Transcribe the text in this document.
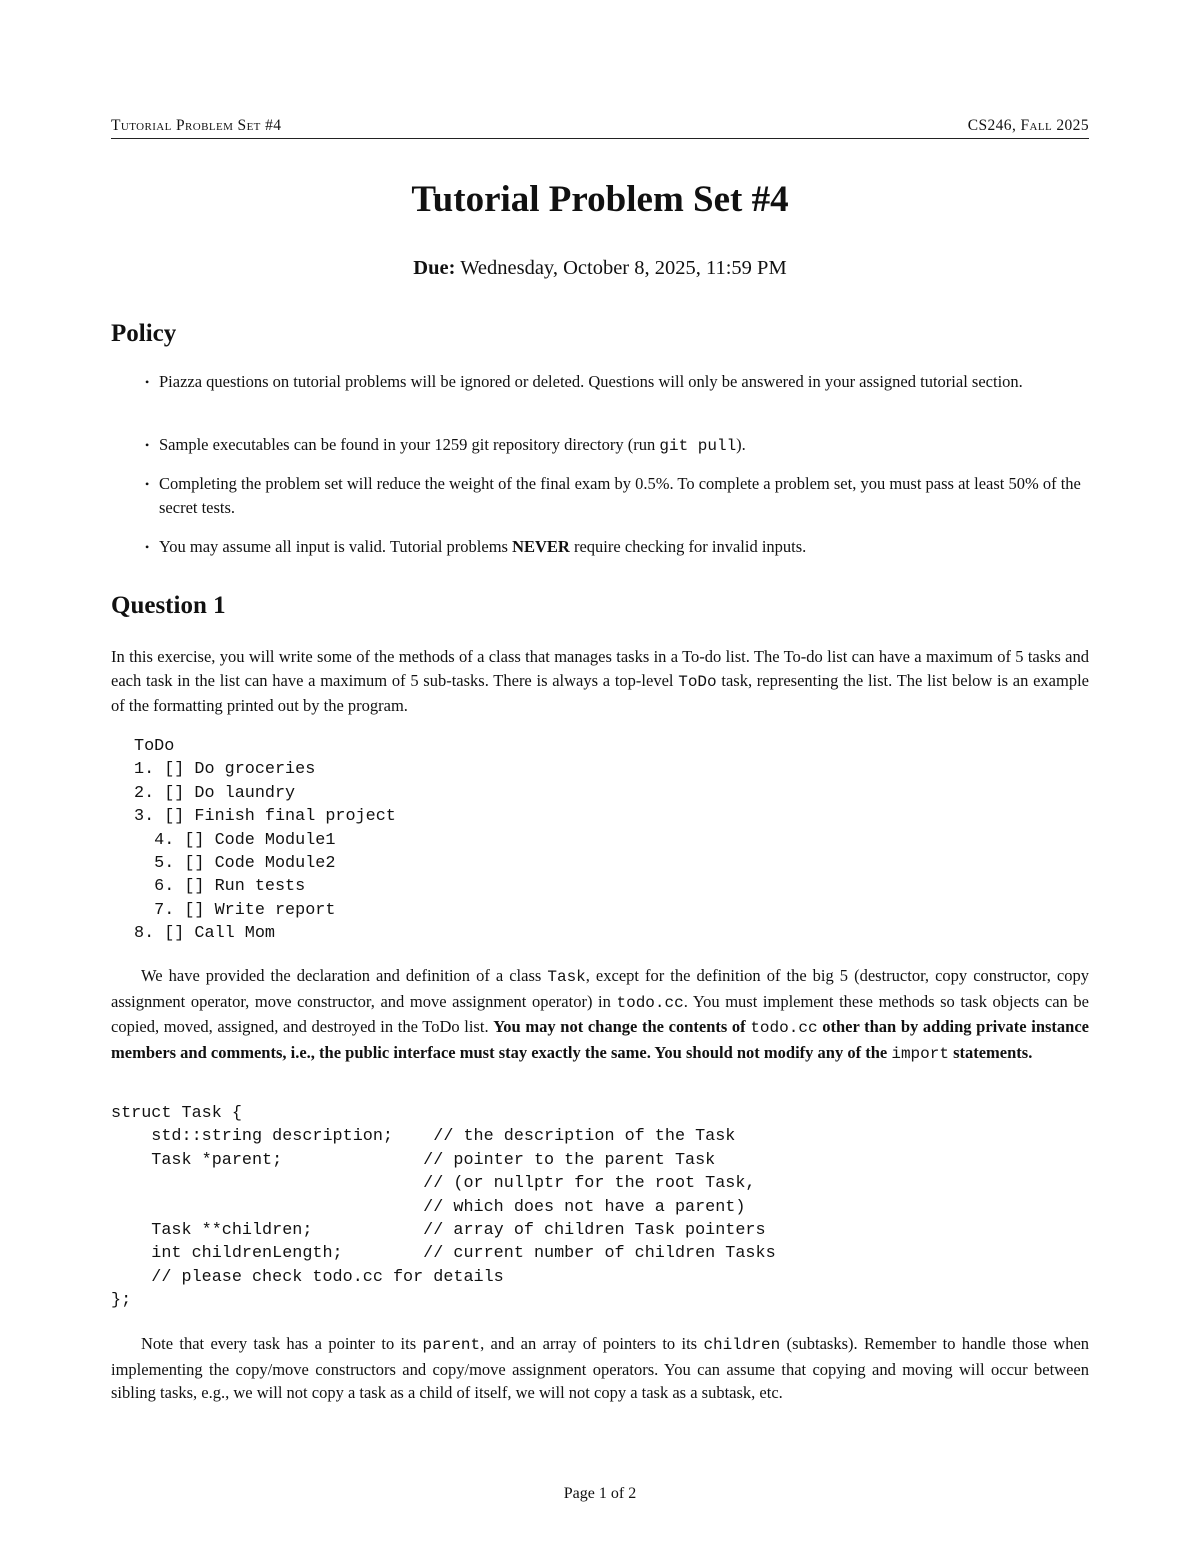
Tutorial Problem Set #4	CS246, Fall 2025
Tutorial Problem Set #4
Due: Wednesday, October 8, 2025, 11:59 PM
Policy
• Piazza questions on tutorial problems will be ignored or deleted. Questions will only be answered in your assigned tutorial section.
• Sample executables can be found in your 1259 git repository directory (run git pull).
• Completing the problem set will reduce the weight of the final exam by 0.5%. To complete a problem set, you must pass at least 50% of the secret tests.
• You may assume all input is valid. Tutorial problems NEVER require checking for invalid inputs.
Question 1

In this exercise, you will write some of the methods of a class that manages tasks in a To-do list. The To-do list can have a maximum of 5 tasks and each task in the list can have a maximum of 5 sub-tasks. There is always a top-level ToDo task, representing the list. The list below is an example of the formatting printed out by the program.

ToDo
1. [] Do groceries
2. [] Do laundry
3. [] Finish final project
4. [] Code Module1
5. [] Code Module2
6. [] Run tests
7. [] Write report
8. [] Call Mom

We have provided the declaration and definition of a class Task, except for the definition of the big 5 (destructor, copy constructor, copy assignment operator, move constructor, and move assignment operator) in todo.cc. You must implement these methods so task objects can be copied, moved, assigned, and destroyed in the ToDo list. You may not change the contents of todo.cc other than by adding private instance members and comments, i.e., the public interface must stay exactly the same. You should not modify any of the import statements.

struct Task {
std::string description;    // the description of the Task
Task *parent;              // pointer to the parent Task
// (or nullptr for the root Task,
// which does not have a parent)
Task **children;           // array of children Task pointers
int childrenLength;        // current number of children Tasks
// please check todo.cc for details
};

Note that every task has a pointer to its parent, and an array of pointers to its children (subtasks). Remember to handle those when implementing the copy/move constructors and copy/move assignment operators. You can assume that copying and moving will occur between sibling tasks, e.g., we will not copy a task as a child of itself, we will not copy a task as a subtask, etc.

Page 1 of 2
